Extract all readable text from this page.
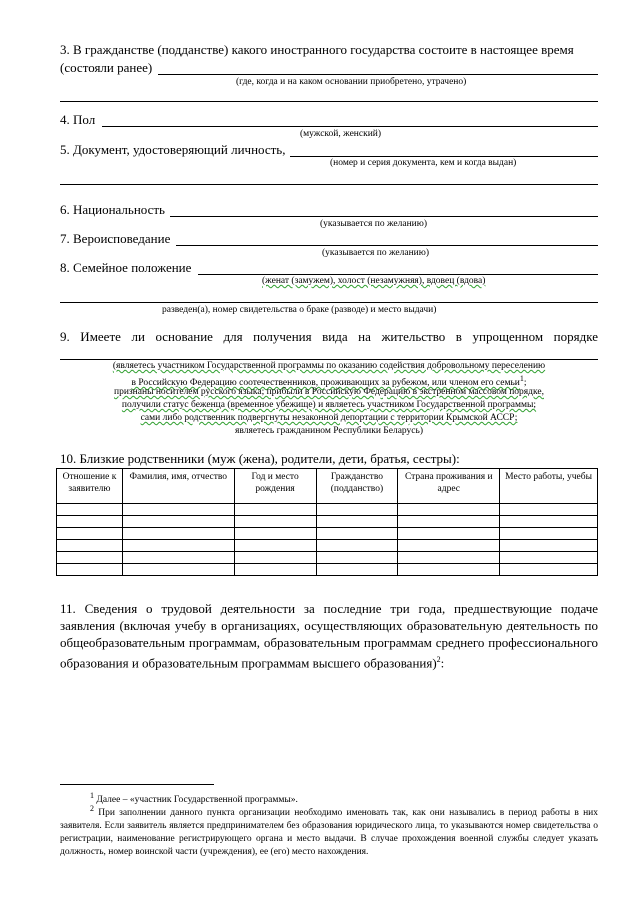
3. В гражданстве (подданстве) какого иностранного государства состоите в настоящее время
(состояли ранее)
(где, когда и на каком основании приобретено, утрачено)
4. Пол
(мужской, женский)
5. Документ, удостоверяющий личность,
(номер и серия документа, кем и когда выдан)
6. Национальность
(указывается по желанию)
7. Вероисповедание
(указывается по желанию)
8. Семейное положение
(женат (замужем), холост (незамужняя), вдовец (вдова)
разведен(а), номер свидетельства о браке (разводе) и место выдачи)
9. Имеете ли основание для получения вида на жительство в упрощенном порядке
(являетесь участником Государственной программы по оказанию содействия добровольному переселению
в Российскую Федерацию соотечественников, проживающих за рубежом, или членом его семьи$^1$;
признаны носителем русского языка; прибыли в Российскую Федерацию в экстренном массовом порядке,
получили статус беженца (временное убежище) и являетесь участником Государственной программы;
сами либо родственник подвергнуты незаконной депортации с территории Крымской АССР;
являетесь гражданином Республики Беларусь)
10. Близкие родственники (муж (жена), родители, дети, братья, сестры):
Отношение к заявителю	Фамилия, имя, отчество	Год и место рождения	Гражданство (подданство)	Страна проживания и адрес	Место работы, учебы

11. Сведения о трудовой деятельности за последние три года, предшествующие подаче заявления (включая учебу в организациях, осуществляющих образовательную деятельность по общеобразовательным программам, образовательным программам среднего профессионального образования и образовательным программам высшего образования)$^2$:
$^1$ Далее – «участник Государственной программы».
$^2$ При заполнении данного пункта организации необходимо именовать так, как они назывались в период работы в них заявителя. Если заявитель является предпринимателем без образования юридического лица, то указываются номер свидетельства о регистрации, наименование регистрирующего органа и место выдачи. В случае прохождения военной службы следует указать должность, номер воинской части (учреждения), ее (его) место нахождения.
